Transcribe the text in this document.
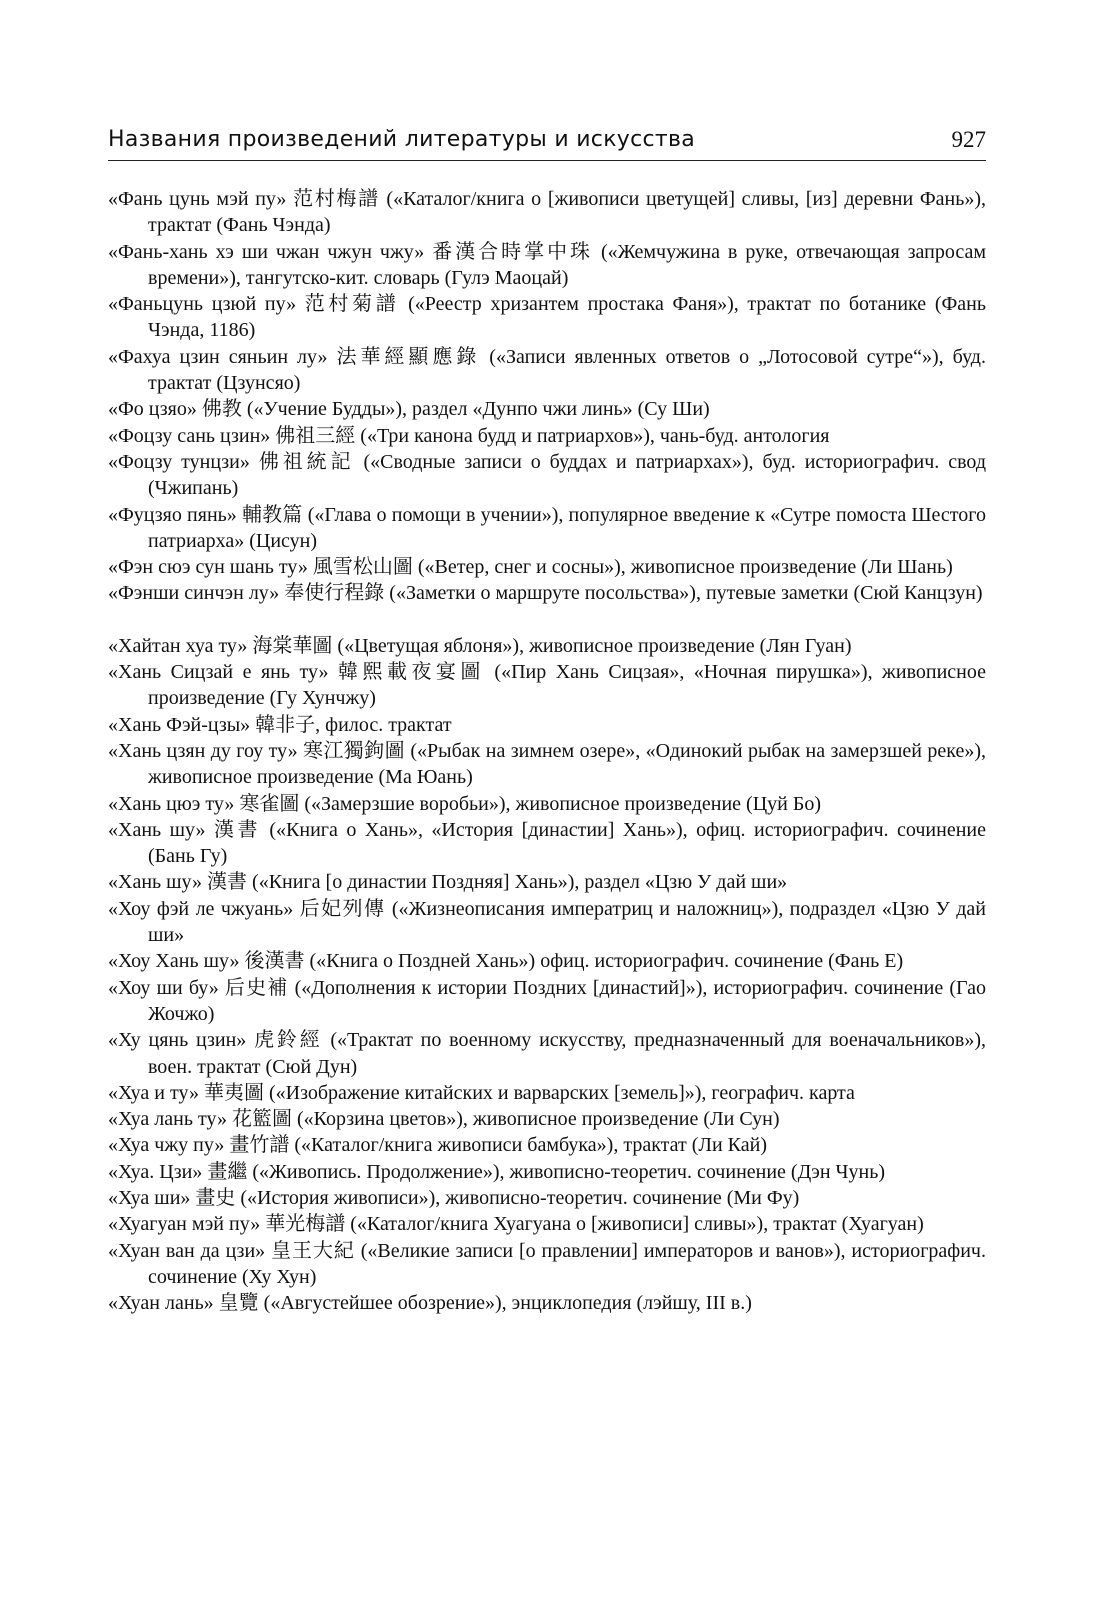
Названия произведений литературы и искусства	927

«Фань цунь мэй пу» 范村梅譜 («Каталог/книга о [живописи цветущей] сливы, [из] деревни Фань»), трактат (Фань Чэнда)

«Фань-хань хэ ши чжан чжун чжу» 番漢合時掌中珠 («Жемчужина в руке, отвечающая запросам времени»), тангутско-кит. словарь (Гулэ Маоцай)

«Фаньцунь цзюй пу» 范村菊譜 («Реестр хризантем простака Фаня»), трактат по ботанике (Фань Чэнда, 1186)

«Фахуа цзин сяньин лу» 法華經顯應錄 («Записи явленных ответов о „Лотосовой сутре“»), буд. трактат (Цзунсяо)

«Фо цзяо» 佛教 («Учение Будды»), раздел «Дунпо чжи линь» (Су Ши)

«Фоцзу сань цзин» 佛祖三經 («Три канона будд и патриархов»), чань-буд. антология

«Фоцзу тунцзи» 佛祖統記 («Сводные записи о буддах и патриархах»), буд. историографич. свод (Чжипань)

«Фуцзяо пянь» 輔教篇 («Глава о помощи в учении»), популярное введение к «Сутре помоста Шестого патриарха» (Цисун)

«Фэн сюэ сун шань ту» 風雪松山圖 («Ветер, снег и сосны»), живописное произведение (Ли Шань)

«Фэнши синчэн лу» 奉使行程錄 («Заметки о маршруте посольства»), путевые заметки (Сюй Канцзун)

«Хайтан хуа ту» 海棠華圖 («Цветущая яблоня»), живописное произведение (Лян Гуан)

«Хань Сицзай е янь ту» 韓熙載夜宴圖 («Пир Хань Сицзая», «Ночная пирушка»), живописное произведение (Гу Хунчжу)

«Хань Фэй-цзы» 韓非子, филос. трактат

«Хань цзян ду гоу ту» 寒江獨鉤圖 («Рыбак на зимнем озере», «Одинокий рыбак на замерзшей реке»), живописное произведение (Ма Юань)

«Хань цюэ ту» 寒雀圖 («Замерзшие воробьи»), живописное произведение (Цуй Бо)

«Хань шу» 漢書 («Книга о Хань», «История [династии] Хань»), офиц. историографич. сочинение (Бань Гу)

«Хань шу» 漢書 («Книга [о династии Поздняя] Хань»), раздел «Цзю У дай ши»

«Хоу фэй ле чжуань» 后妃列傳 («Жизнеописания императриц и наложниц»), подраздел «Цзю У дай ши»

«Хоу Хань шу» 後漢書 («Книга о Поздней Хань») офиц. историографич. сочинение (Фань Е)

«Хоу ши бу» 后史補 («Дополнения к истории Поздних [династий]»), историографич. сочинение (Гао Жочжо)

«Ху цянь цзин» 虎鈴經 («Трактат по военному искусству, предназначенный для военачальников»), воен. трактат (Сюй Дун)

«Хуа и ту» 華夷圖 («Изображение китайских и варварских [земель]»), географич. карта

«Хуа лань ту» 花籃圖 («Корзина цветов»), живописное произведение (Ли Сун)

«Хуа чжу пу» 畫竹譜 («Каталог/книга живописи бамбука»), трактат (Ли Кай)

«Хуа. Цзи» 畫繼 («Живопись. Продолжение»), живописно-теоретич. сочинение (Дэн Чунь)

«Хуа ши» 畫史 («История живописи»), живописно-теоретич. сочинение (Ми Фу)

«Хуагуан мэй пу» 華光梅譜 («Каталог/книга Хуагуана о [живописи] сливы»), трактат (Хуагуан)

«Хуан ван да цзи» 皇王大紀 («Великие записи [о правлении] императоров и ванов»), историографич. сочинение (Ху Хун)

«Хуан лань» 皇覽 («Августейшее обозрение»), энциклопедия (лэйшу, III в.)
